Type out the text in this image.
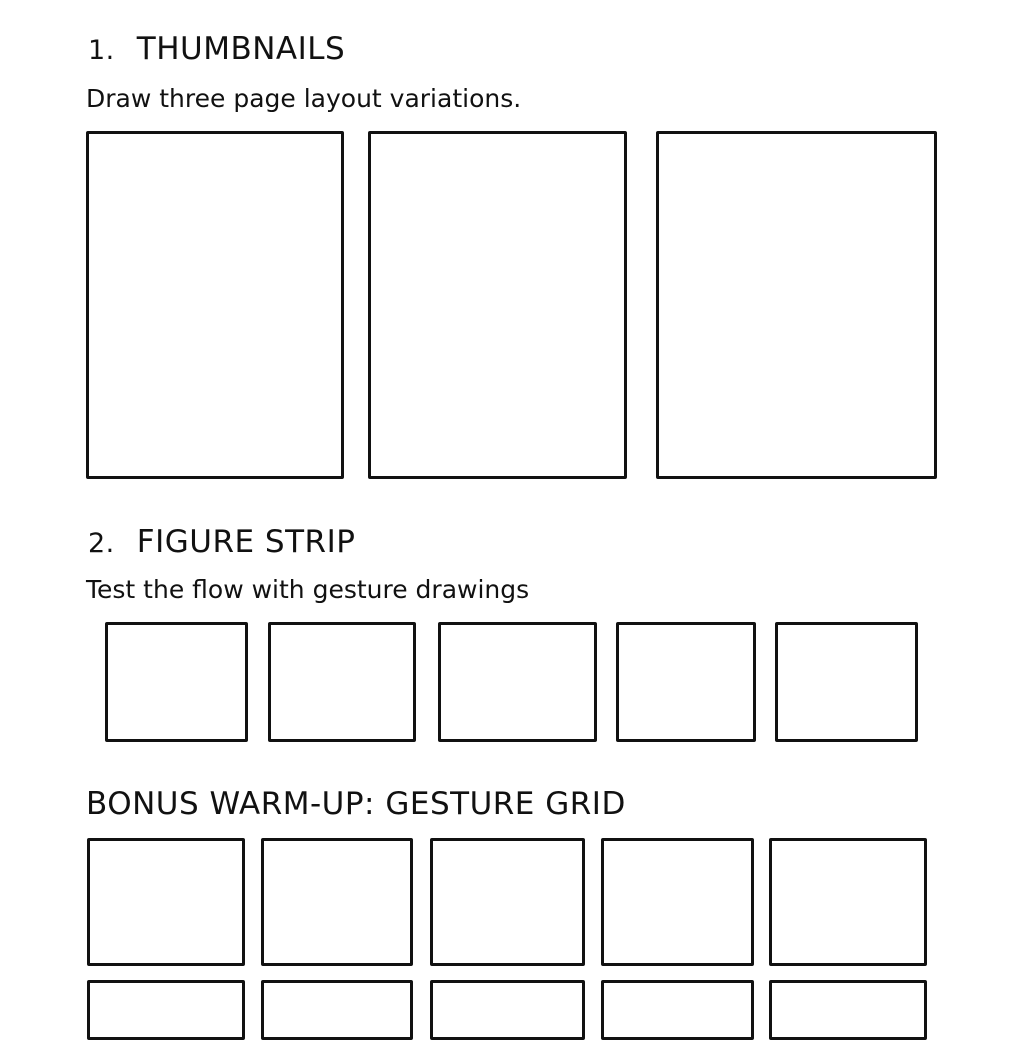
1. THUMBNAILS

Draw three page layout variations.

2. FIGURE STRIP

Test the flow with gesture drawings

BONUS WARM-UP: GESTURE GRID
